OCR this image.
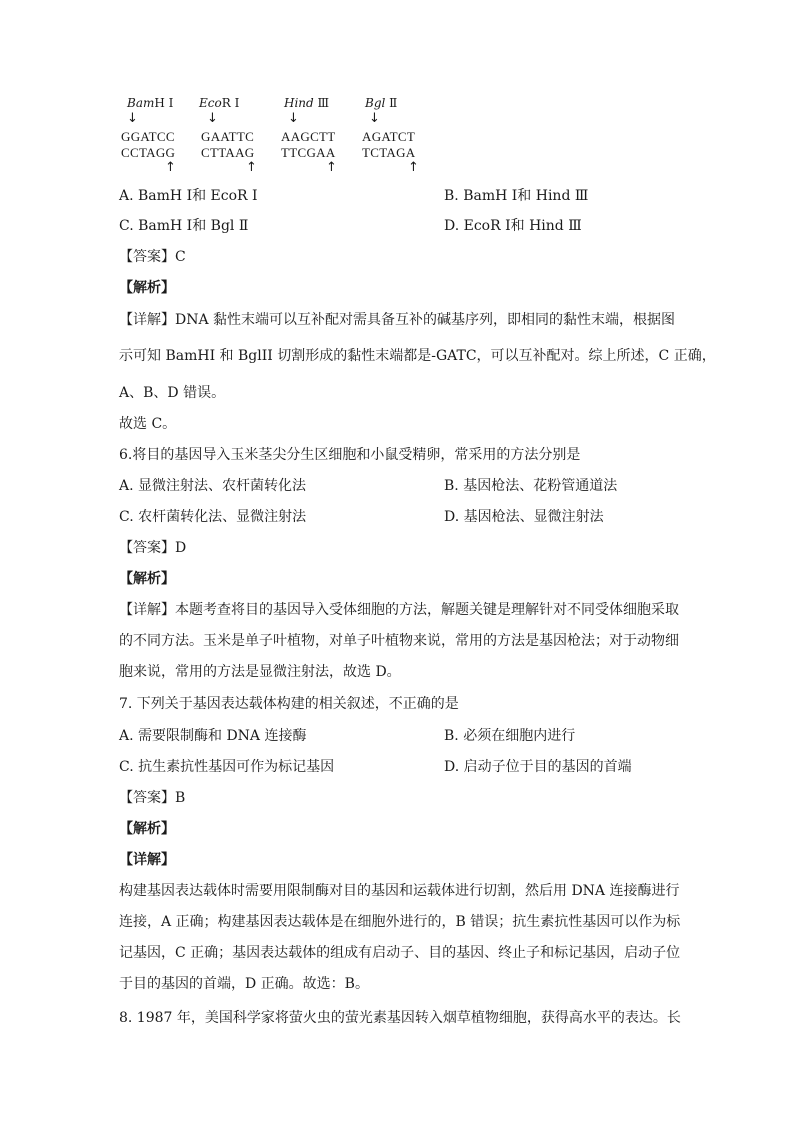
BamH Ⅰ EcoR Ⅰ	Hind Ⅲ	Bgl Ⅱ
↓	↓	↓	↓
GGATCC GAATTC AAGCTT AGATCT
CCTAGG CTTAAG TTCGAA TCTAGA
↑	↑	↑	↑
A. BamH Ⅰ和 EcoR Ⅰ	B. BamH Ⅰ和 Hind Ⅲ
C. BamH Ⅰ和 Bgl Ⅱ	D. EcoR Ⅰ和 Hind Ⅲ
【答案】C
【解析】
【详解】DNA 黏性末端可以互补配对需具备互补的碱基序列，即相同的黏性末端，根据图
示可知 BamHI 和 BglII 切割形成的黏性末端都是-GATC，可以互补配对。综上所述，C 正确，
A、B、D 错误。
故选 C。
6.将目的基因导入玉米茎尖分生区细胞和小鼠受精卵，常采用的方法分别是
A. 显微注射法、农杆菌转化法	B. 基因枪法、花粉管通道法
C. 农杆菌转化法、显微注射法	D. 基因枪法、显微注射法
【答案】D
【解析】
【详解】本题考查将目的基因导入受体细胞的方法，解题关键是理解针对不同受体细胞采取
的不同方法。玉米是单子叶植物，对单子叶植物来说，常用的方法是基因枪法；对于动物细
胞来说，常用的方法是显微注射法，故选 D。
7. 下列关于基因表达载体构建的相关叙述，不正确的是
A. 需要限制酶和 DNA 连接酶	B. 必须在细胞内进行
C. 抗生素抗性基因可作为标记基因	D. 启动子位于目的基因的首端
【答案】B
【解析】
【详解】
构建基因表达载体时需要用限制酶对目的基因和运载体进行切割，然后用 DNA 连接酶进行
连接，A 正确；构建基因表达载体是在细胞外进行的，B 错误；抗生素抗性基因可以作为标
记基因，C 正确；基因表达载体的组成有启动子、目的基因、终止子和标记基因，启动子位
于目的基因的首端，D 正确。故选：B。
8. 1987 年，美国科学家将萤火虫的萤光素基因转入烟草植物细胞，获得高水平的表达。长
